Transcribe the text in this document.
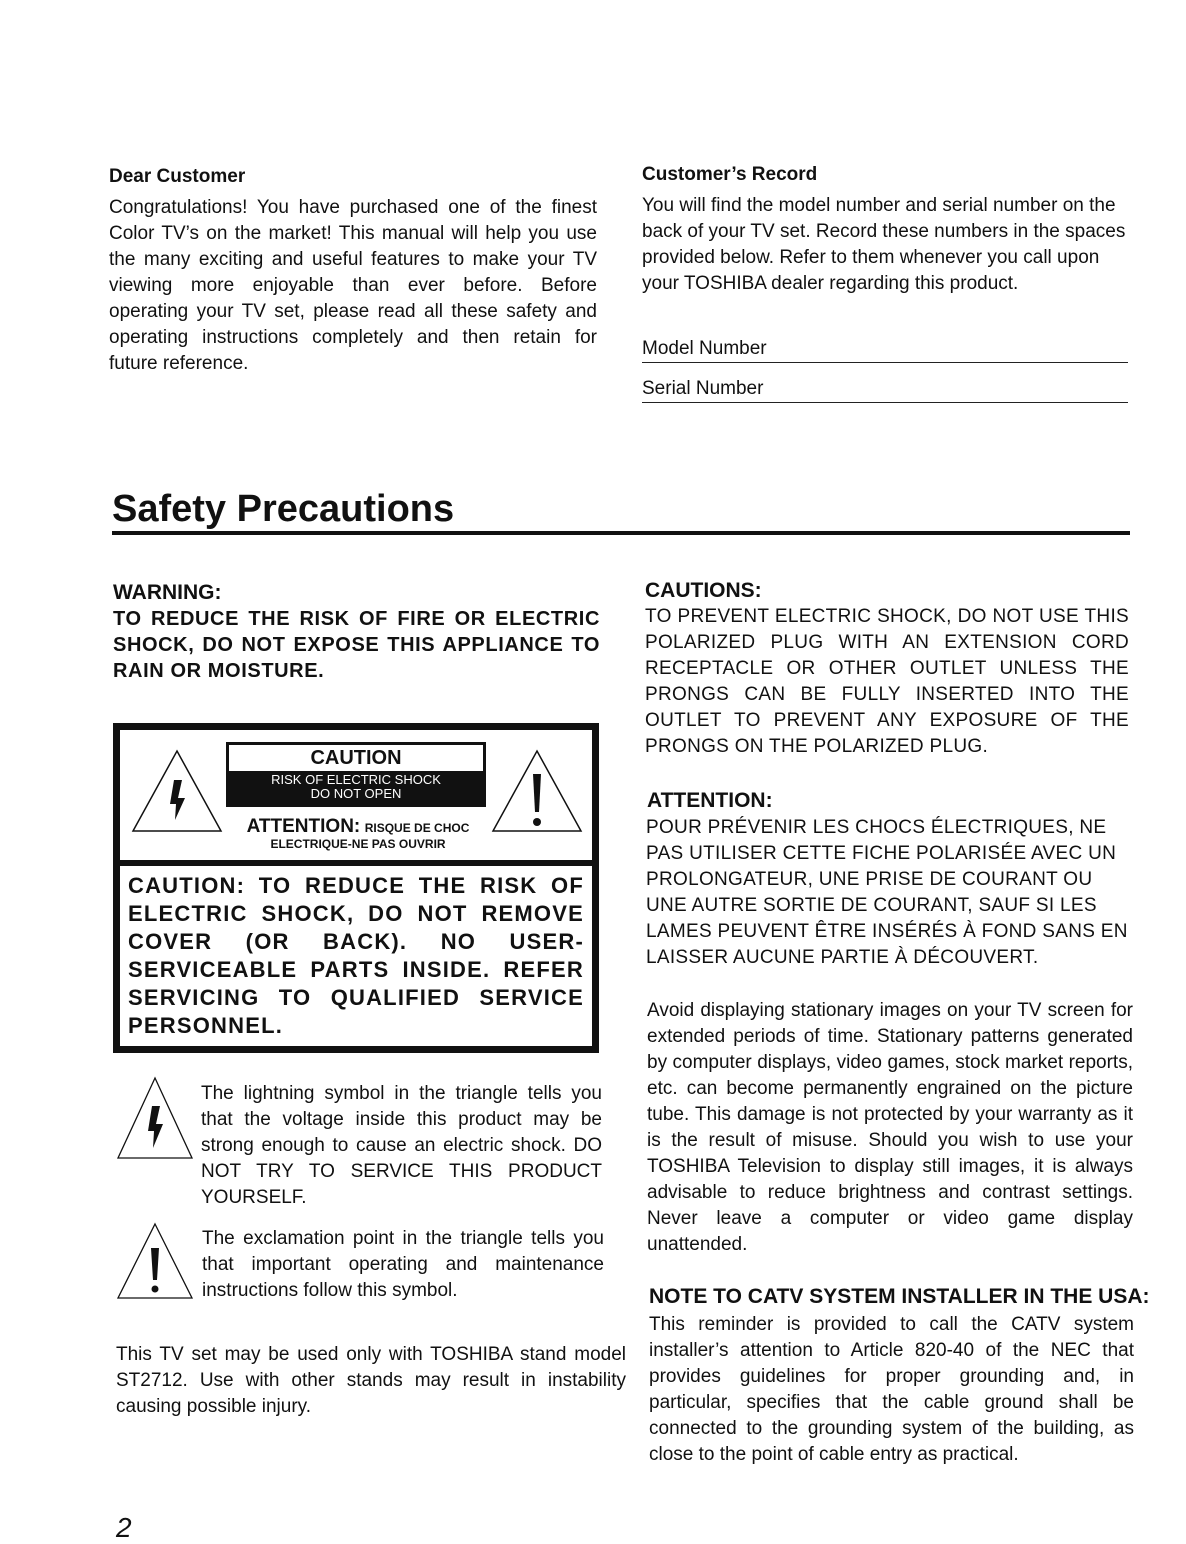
Dear Customer
Congratulations! You have purchased one of the finest Color TV’s on the market! This manual will help you use the many exciting and useful features to make your TV viewing more enjoyable than ever before. Before operating your TV set, please read all these safety and operating instructions completely and then retain for future reference.
Customer’s Record
You will find the model number and serial number on the back of your TV set. Record these numbers in the spaces provided below. Refer to them whenever you call upon your TOSHIBA dealer regarding this product.
Model Number
Serial Number
Safety Precautions
WARNING:
TO REDUCE THE RISK OF FIRE OR ELECTRIC SHOCK, DO NOT EXPOSE THIS APPLIANCE TO RAIN OR MOISTURE.
CAUTION
RISK OF ELECTRIC SHOCK
DO NOT OPEN
ATTENTION: RISQUE DE CHOC
ELECTRIQUE-NE PAS OUVRIR
CAUTION: TO REDUCE THE RISK OF ELECTRIC SHOCK, DO NOT REMOVE COVER (OR BACK). NO USER-SERVICEABLE PARTS INSIDE. REFER SERVICING TO QUALIFIED SERVICE PERSONNEL.
The lightning symbol in the triangle tells you that the voltage inside this product may be strong enough to cause an electric shock. DO NOT TRY TO SERVICE THIS PRODUCT YOURSELF.
The exclamation point in the triangle tells you that important operating and maintenance instructions follow this symbol.
This TV set may be used only with TOSHIBA stand model ST2712. Use with other stands may result in instability causing possible injury.
CAUTIONS:
TO PREVENT ELECTRIC SHOCK, DO NOT USE THIS POLARIZED PLUG WITH AN EXTENSION CORD RECEPTACLE OR OTHER OUTLET UNLESS THE PRONGS CAN BE FULLY INSERTED INTO THE OUTLET TO PREVENT ANY EXPOSURE OF THE PRONGS ON THE POLARIZED PLUG.
ATTENTION:
POUR PRÉVENIR LES CHOCS ÉLECTRIQUES, NE PAS UTILISER CETTE FICHE POLARISÉE AVEC UN PROLONGATEUR, UNE PRISE DE COURANT OU UNE AUTRE SORTIE DE COURANT, SAUF SI LES LAMES PEUVENT ÊTRE INSÉRÉS À FOND SANS EN LAISSER AUCUNE PARTIE À DÉCOUVERT.
Avoid displaying stationary images on your TV screen for extended periods of time. Stationary patterns generated by computer displays, video games, stock market reports, etc. can become permanently engrained on the picture tube. This damage is not protected by your warranty as it is the result of misuse. Should you wish to use your TOSHIBA Television to display still images, it is always advisable to reduce brightness and contrast settings. Never leave a computer or video game display unattended.
NOTE TO CATV SYSTEM INSTALLER IN THE USA:
This reminder is provided to call the CATV system installer’s attention to Article 820-40 of the NEC that provides guidelines for proper grounding and, in particular, specifies that the cable ground shall be connected to the grounding system of the building, as close to the point of cable entry as practical.
2
